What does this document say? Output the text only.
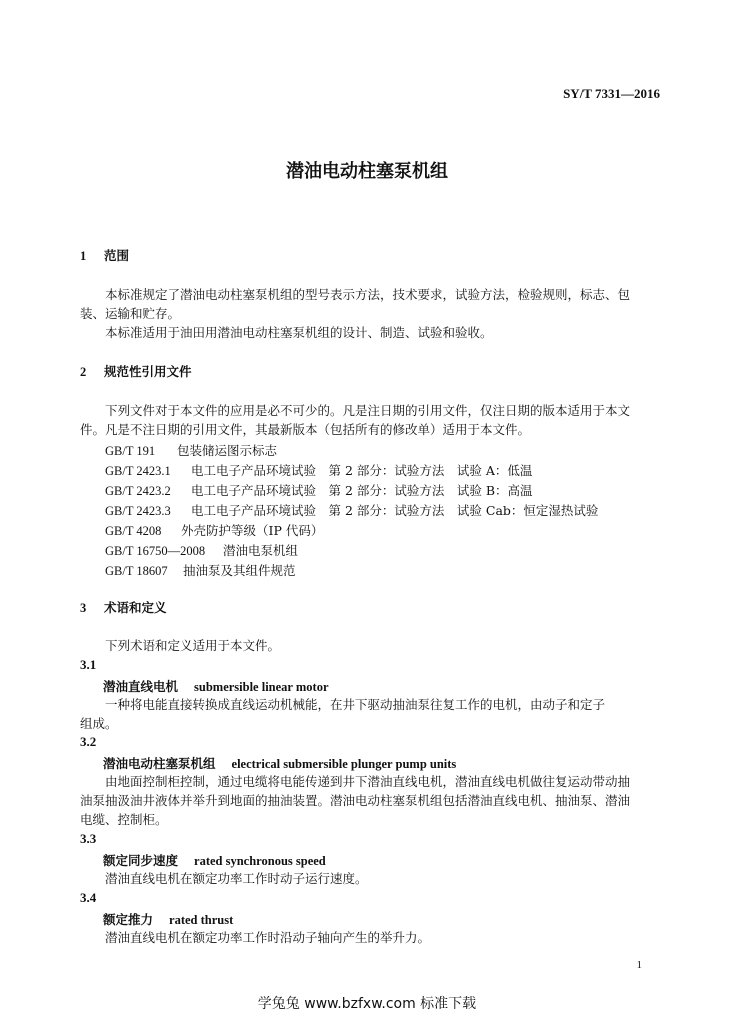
SY/T 7331—2016
潜油电动柱塞泵机组
1 范围
本标准规定了潜油电动柱塞泵机组的型号表示方法，技术要求，试验方法，检验规则，标志、包
装、运输和贮存。
本标准适用于油田用潜油电动柱塞泵机组的设计、制造、试验和验收。
2 规范性引用文件
下列文件对于本文件的应用是必不可少的。凡是注日期的引用文件，仅注日期的版本适用于本文
件。凡是不注日期的引用文件，其最新版本（包括所有的修改单）适用于本文件。
GB/T 191 包装储运图示标志
GB/T 2423.1 电工电子产品环境试验　第 2 部分：试验方法　试验 A：低温
GB/T 2423.2 电工电子产品环境试验　第 2 部分：试验方法　试验 B：高温
GB/T 2423.3 电工电子产品环境试验　第 2 部分：试验方法　试验 Cab：恒定湿热试验
GB/T 4208 外壳防护等级（IP 代码）
GB/T 16750—2008 潜油电泵机组
GB/T 18607 抽油泵及其组件规范
3 术语和定义
下列术语和定义适用于本文件。
3.1
潜油直线电机 submersible linear motor
一种将电能直接转换成直线运动机械能，在井下驱动抽油泵往复工作的电机，由动子和定子
组成。
3.2
潜油电动柱塞泵机组 electrical submersible plunger pump units
由地面控制柜控制，通过电缆将电能传递到井下潜油直线电机，潜油直线电机做往复运动带动抽
油泵抽汲油井液体并举升到地面的抽油装置。潜油电动柱塞泵机组包括潜油直线电机、抽油泵、潜油
电缆、控制柜。
3.3
额定同步速度 rated synchronous speed
潜油直线电机在额定功率工作时动子运行速度。
3.4
额定推力 rated thrust
潜油直线电机在额定功率工作时沿动子轴向产生的举升力。
1
学兔兔 www.bzfxw.com 标准下载
